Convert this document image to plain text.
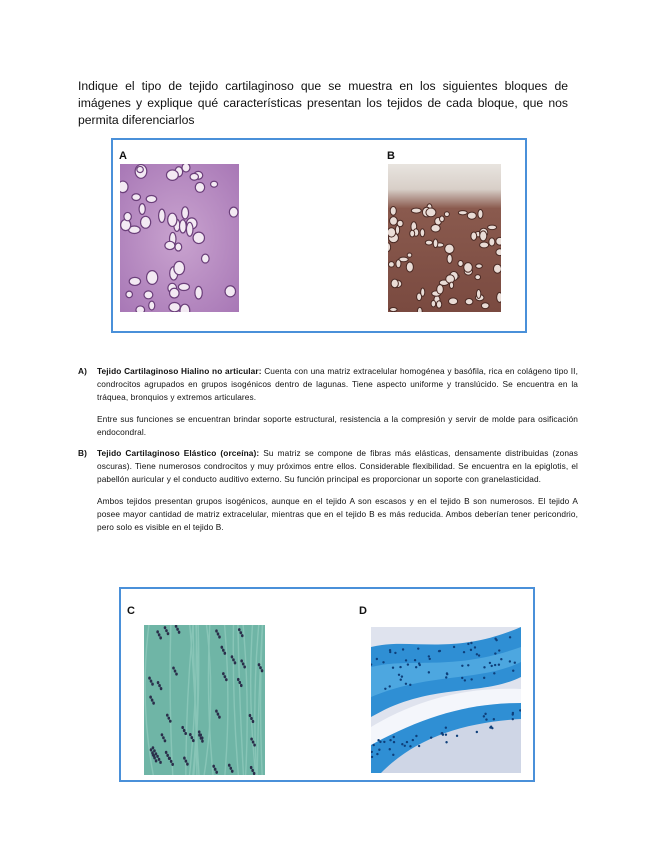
Indique el tipo de tejido cartilaginoso que se muestra en los siguientes bloques de imágenes y explique qué características presentan los tejidos de cada bloque, que nos permita diferenciarlos
A	B
A)	Tejido Cartilaginoso Hialino no articular: Cuenta con una matriz extracelular homogénea y basófila, rica en colágeno tipo II, condrocitos agrupados en grupos isogénicos dentro de lagunas. Tiene aspecto uniforme y translúcido. Se encuentra en la tráquea, bronquios y extremos articulares.
Entre sus funciones se encuentran brindar soporte estructural, resistencia a la compresión y servir de molde para osificación endocondral.
B)	Tejido Cartilaginoso Elástico (orceína): Su matriz se compone de fibras más elásticas, densamente distribuidas (zonas oscuras). Tiene numerosos condrocitos y muy próximos entre ellos. Considerable flexibilidad. Se encuentra en la epiglotis, el pabellón auricular y el conducto auditivo externo. Su función principal es proporcionar un soporte con granelasticidad.
Ambos tejidos presentan grupos isogénicos, aunque en el tejido A son escasos y en el tejido B son numerosos. El tejido A posee mayor cantidad de matriz extracelular, mientras que en el tejido B es más reducida. Ambos deberían tener pericondrio, pero solo es visible en el tejido B.
C	D
